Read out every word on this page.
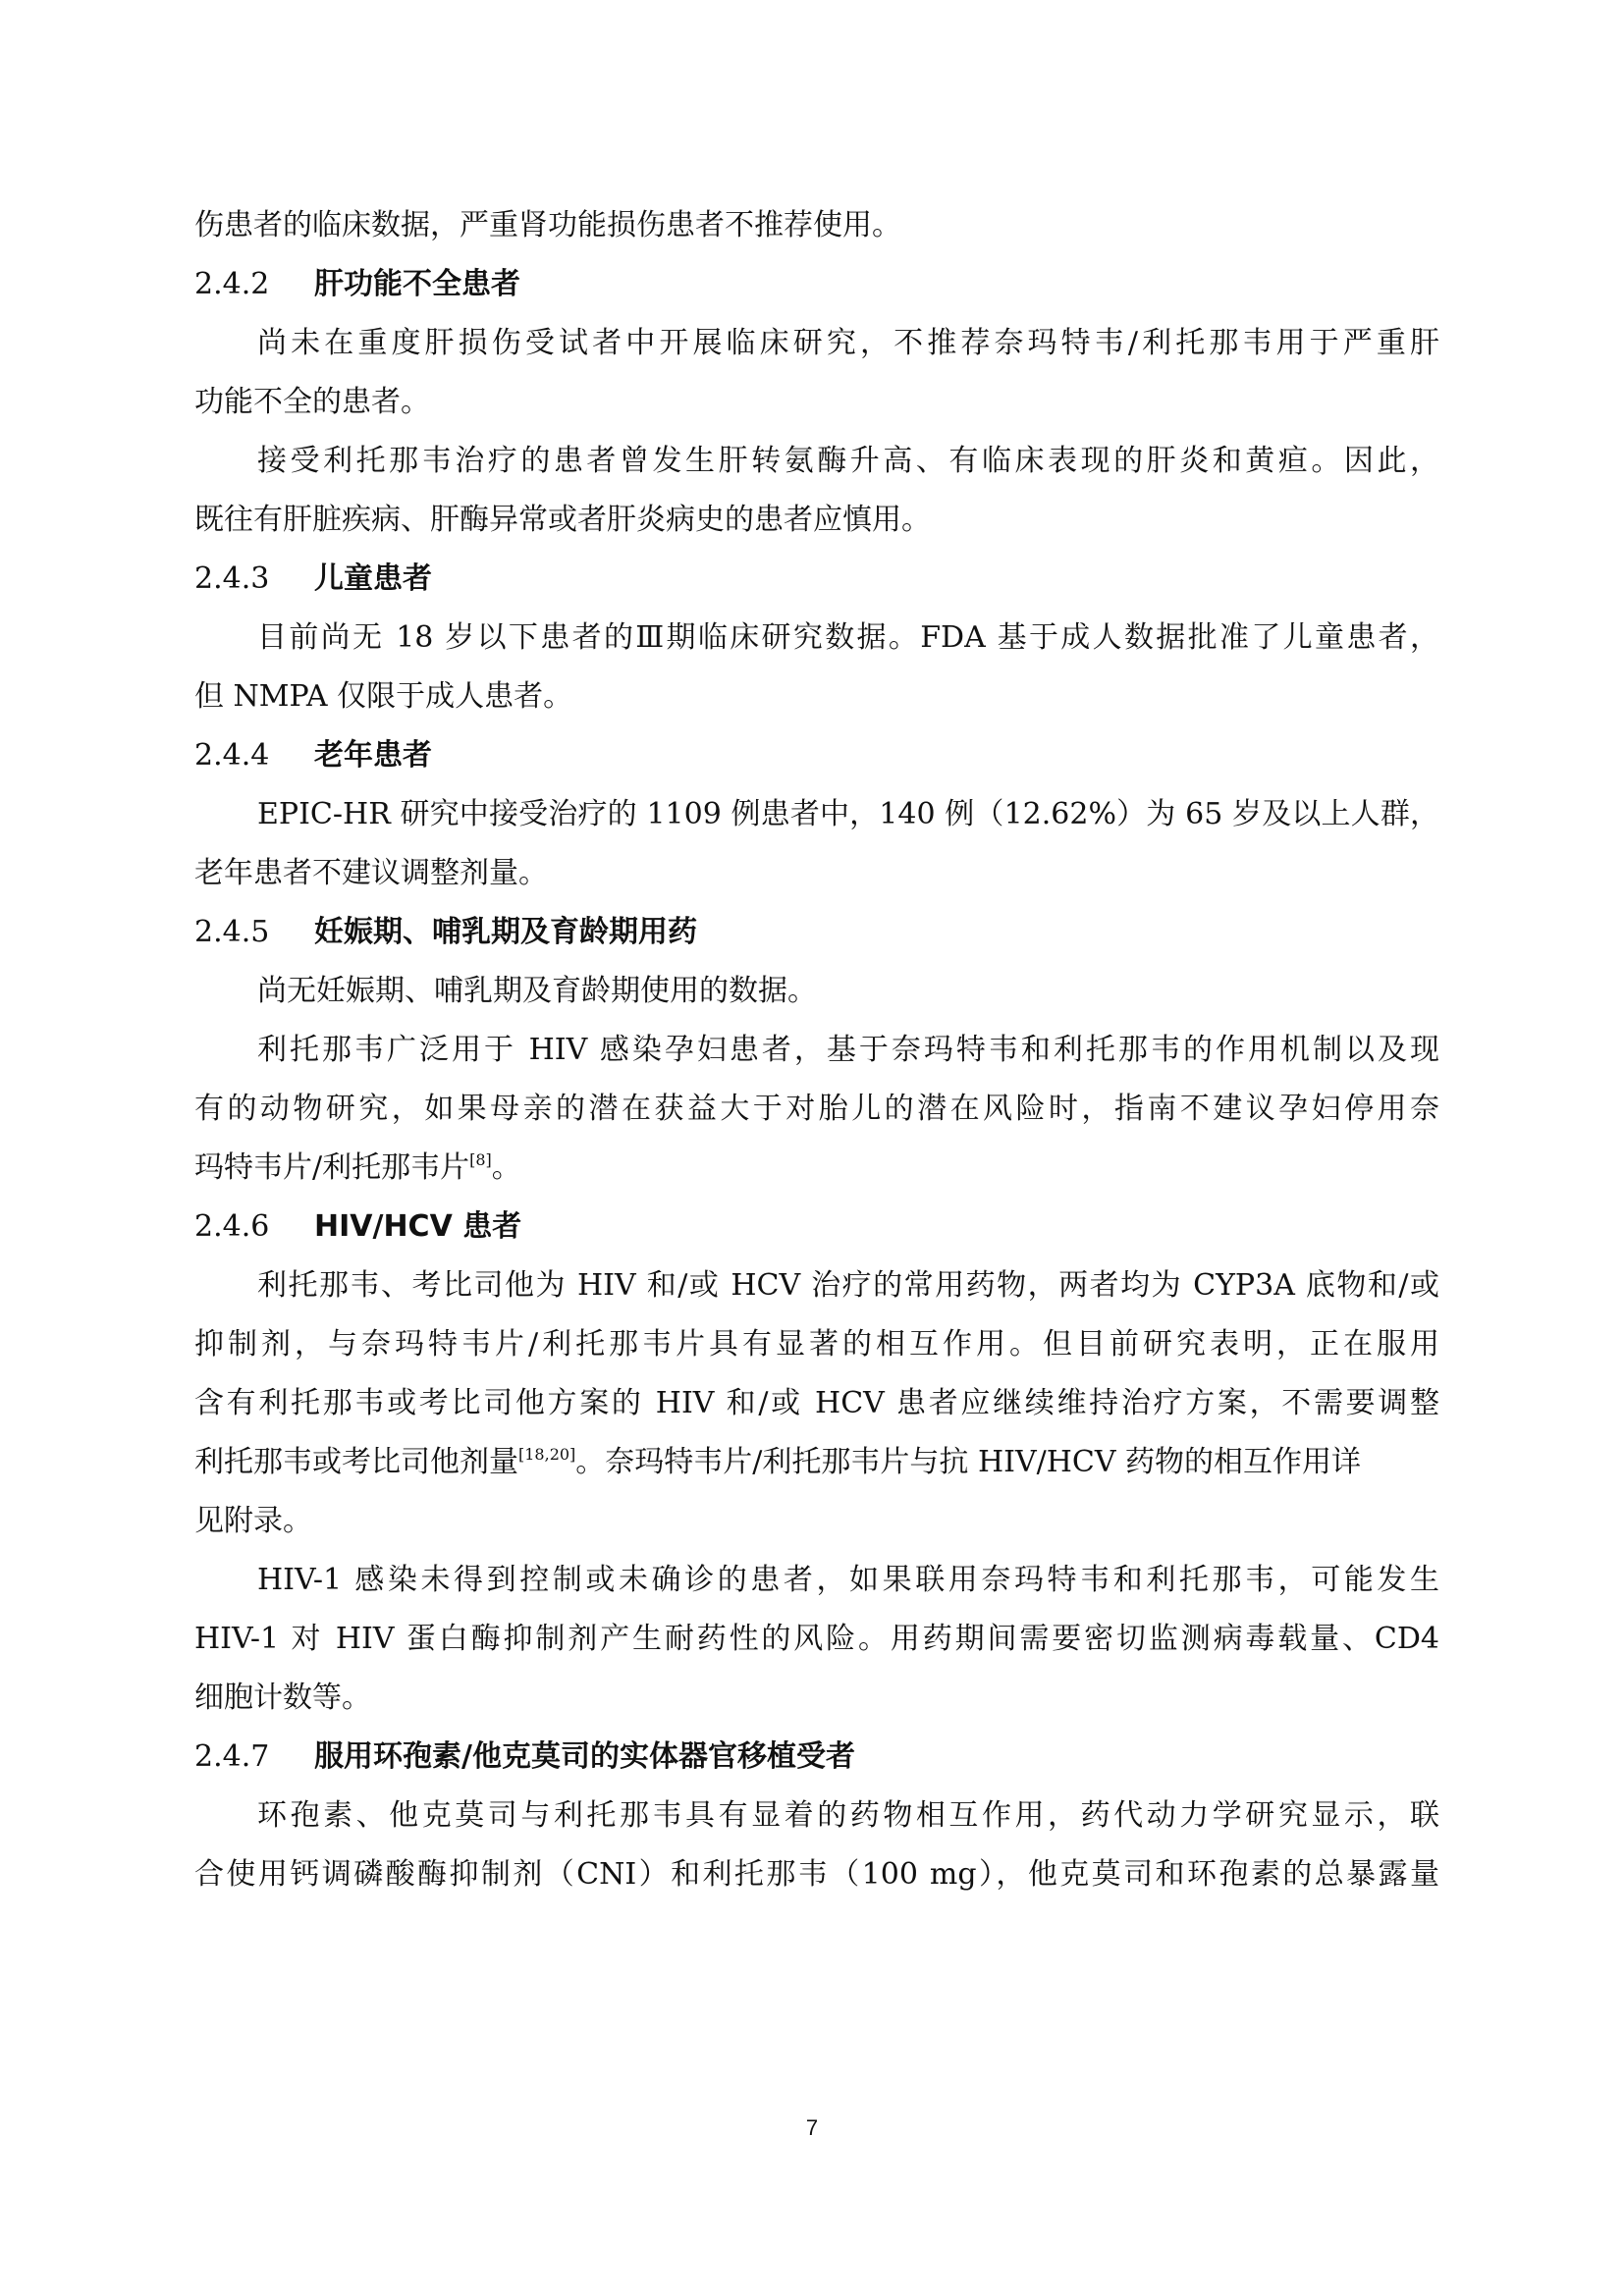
伤患者的临床数据，严重肾功能损伤患者不推荐使用。
2.4.2 肝功能不全患者
尚未在重度肝损伤受试者中开展临床研究，不推荐奈玛特韦/利托那韦用于严重肝
功能不全的患者。
接受利托那韦治疗的患者曾发生肝转氨酶升高、有临床表现的肝炎和黄疸。因此，
既往有肝脏疾病、肝酶异常或者肝炎病史的患者应慎用。
2.4.3 儿童患者
目前尚无 18 岁以下患者的Ⅲ期临床研究数据。FDA 基于成人数据批准了儿童患者，
但 NMPA 仅限于成人患者。
2.4.4 老年患者
EPIC-HR 研究中接受治疗的 1109 例患者中，140 例（12.62%）为 65 岁及以上人群，
老年患者不建议调整剂量。
2.4.5 妊娠期、哺乳期及育龄期用药
尚无妊娠期、哺乳期及育龄期使用的数据。
利托那韦广泛用于 HIV 感染孕妇患者，基于奈玛特韦和利托那韦的作用机制以及现
有的动物研究，如果母亲的潜在获益大于对胎儿的潜在风险时，指南不建议孕妇停用奈
玛特韦片/利托那韦片[8]。
2.4.6 HIV/HCV 患者
利托那韦、考比司他为 HIV 和/或 HCV 治疗的常用药物，两者均为 CYP3A 底物和/或
抑制剂，与奈玛特韦片/利托那韦片具有显著的相互作用。但目前研究表明，正在服用
含有利托那韦或考比司他方案的 HIV 和/或 HCV 患者应继续维持治疗方案，不需要调整
利托那韦或考比司他剂量[18,20]。奈玛特韦片/利托那韦片与抗 HIV/HCV 药物的相互作用详
见附录。
HIV-1 感染未得到控制或未确诊的患者，如果联用奈玛特韦和利托那韦，可能发生
HIV-1 对 HIV 蛋白酶抑制剂产生耐药性的风险。用药期间需要密切监测病毒载量、CD4
细胞计数等。
2.4.7 服用环孢素/他克莫司的实体器官移植受者
环孢素、他克莫司与利托那韦具有显着的药物相互作用，药代动力学研究显示，联
合使用钙调磷酸酶抑制剂（CNI）和利托那韦（100 mg），他克莫司和环孢素的总暴露量
7
